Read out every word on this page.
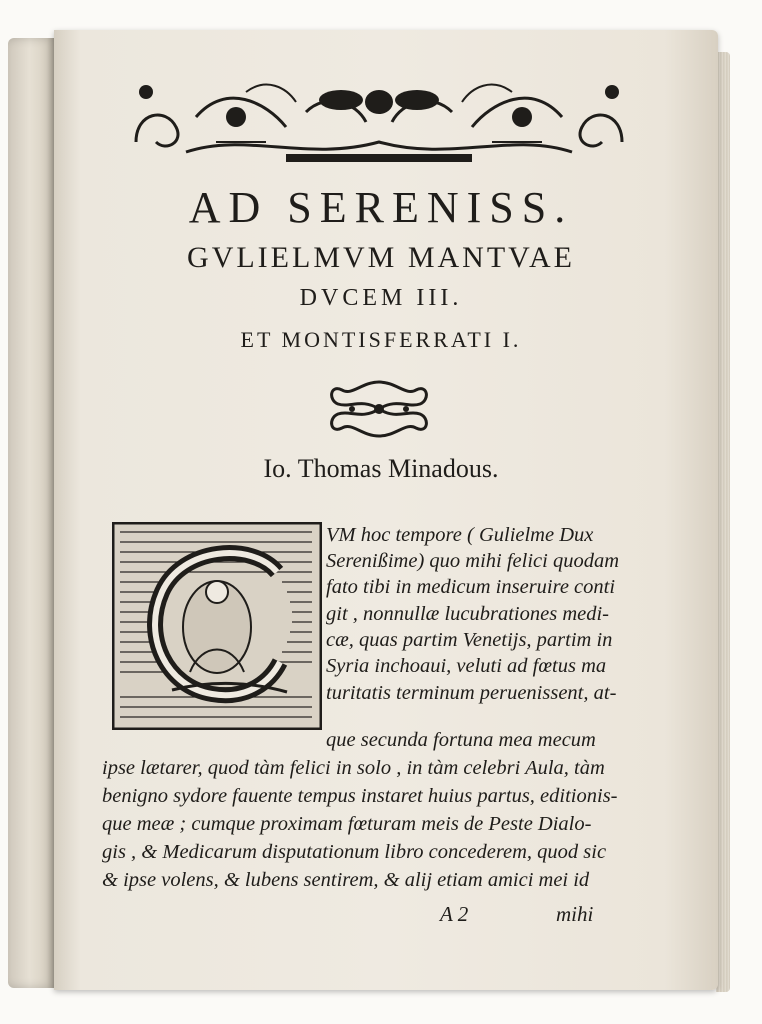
AD SERENISS.
GVLIELMVM MANTVAE
DVCEM III.
ET MONTISFERRATI I.
Io. Thomas Minadous.
VM hoc tempore ( Gulielme Dux
Serenißime) quo mihi felici quodam
fato tibi in medicum inseruire conti
git , nonnullæ lucubrationes medi-
cæ, quas partim Venetijs, partim in
Syria inchoaui, veluti ad fœtus ma
turitatis terminum peruenissent, at-
que secunda fortuna mea mecum
ipse lætarer, quod tàm felici in solo , in tàm celebri Aula, tàm
benigno sydore fauente tempus instaret huius partus, editionis-
que meæ ; cumque proximam fœturam meis de Peste Dialo-
gis , & Medicarum disputationum libro concederem, quod sic
& ipse volens, & lubens sentirem, & alij etiam amici mei id
A 2	mihi
